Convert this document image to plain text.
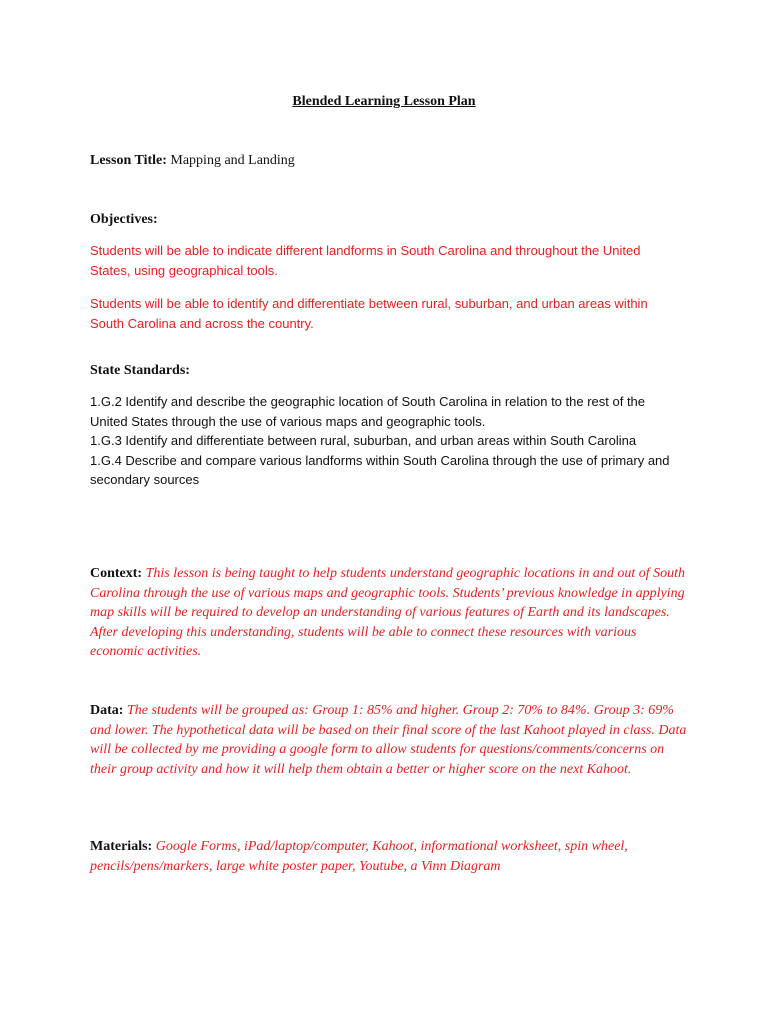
Blended Learning Lesson Plan
Lesson Title: Mapping and Landing
Objectives:

Students will be able to indicate different landforms in South Carolina and throughout the United States, using geographical tools.

Students will be able to identify and differentiate between rural, suburban, and urban areas within South Carolina and across the country.

State Standards:
1.G.2 Identify and describe the geographic location of South Carolina in relation to the rest of the United States through the use of various maps and geographic tools.
1.G.3 Identify and differentiate between rural, suburban, and urban areas within South Carolina
1.G.4 Describe and compare various landforms within South Carolina through the use of primary and secondary sources
Context: This lesson is being taught to help students understand geographic locations in and out of South Carolina through the use of various maps and geographic tools. Students’ previous knowledge in applying map skills will be required to develop an understanding of various features of Earth and its landscapes. After developing this understanding, students will be able to connect these resources with various economic activities.
Data: The students will be grouped as: Group 1: 85% and higher. Group 2: 70% to 84%. Group 3: 69% and lower. The hypothetical data will be based on their final score of the last Kahoot played in class. Data will be collected by me providing a google form to allow students for questions/comments/concerns on their group activity and how it will help them obtain a better or higher score on the next Kahoot.
Materials: Google Forms, iPad/laptop/computer, Kahoot, informational worksheet, spin wheel, pencils/pens/markers, large white poster paper, Youtube, a Vinn Diagram
